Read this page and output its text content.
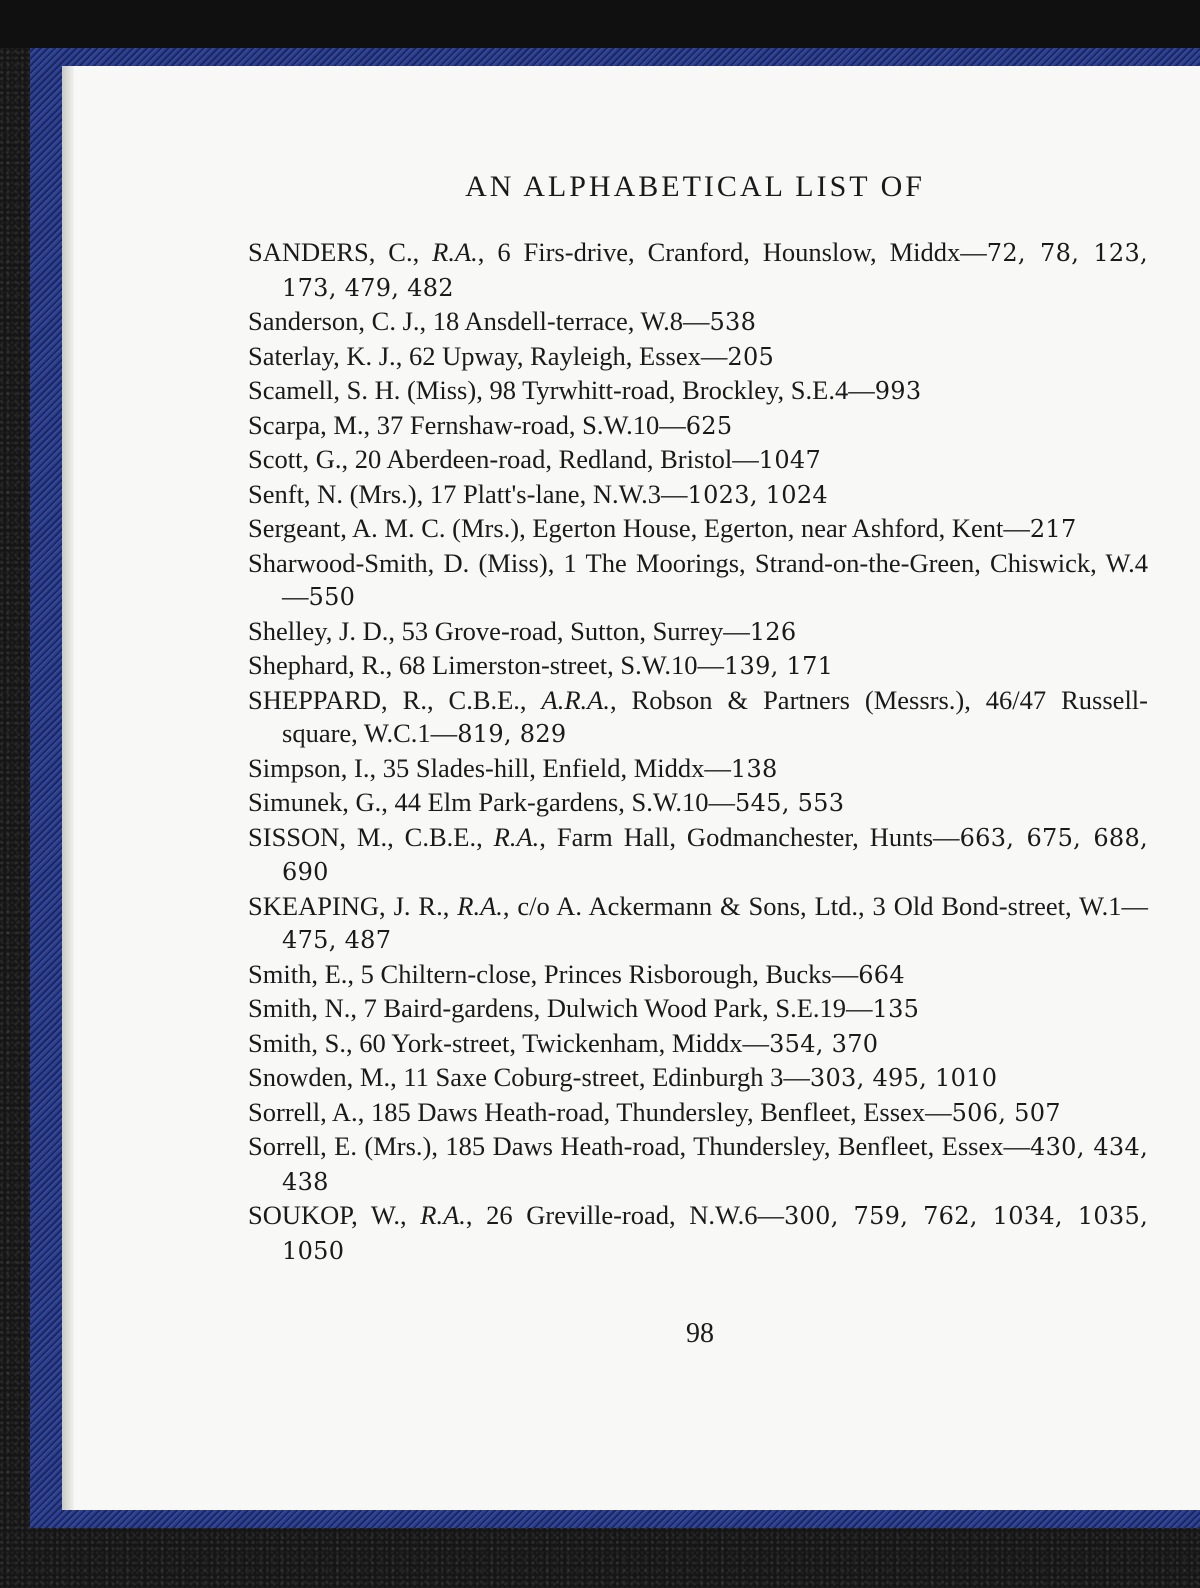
AN ALPHABETICAL LIST OF
SANDERS, C., R.A., 6 Firs-drive, Cranford, Hounslow, Middx—72, 78, 123, 173, 479, 482
Sanderson, C. J., 18 Ansdell-terrace, W.8—538
Saterlay, K. J., 62 Upway, Rayleigh, Essex—205
Scamell, S. H. (Miss), 98 Tyrwhitt-road, Brockley, S.E.4—993
Scarpa, M., 37 Fernshaw-road, S.W.10—625
Scott, G., 20 Aberdeen-road, Redland, Bristol—1047
Senft, N. (Mrs.), 17 Platt's-lane, N.W.3—1023, 1024
Sergeant, A. M. C. (Mrs.), Egerton House, Egerton, near Ashford, Kent—217
Sharwood-Smith, D. (Miss), 1 The Moorings, Strand-on-the-Green, Chiswick, W.4—550
Shelley, J. D., 53 Grove-road, Sutton, Surrey—126
Shephard, R., 68 Limerston-street, S.W.10—139, 171
SHEPPARD, R., C.B.E., A.R.A., Robson & Partners (Messrs.), 46/47 Russell-square, W.C.1—819, 829
Simpson, I., 35 Slades-hill, Enfield, Middx—138
Simunek, G., 44 Elm Park-gardens, S.W.10—545, 553
SISSON, M., C.B.E., R.A., Farm Hall, Godmanchester, Hunts—663, 675, 688, 690
SKEAPING, J. R., R.A., c/o A. Ackermann & Sons, Ltd., 3 Old Bond-street, W.1—475, 487
Smith, E., 5 Chiltern-close, Princes Risborough, Bucks—664
Smith, N., 7 Baird-gardens, Dulwich Wood Park, S.E.19—135
Smith, S., 60 York-street, Twickenham, Middx—354, 370
Snowden, M., 11 Saxe Coburg-street, Edinburgh 3—303, 495, 1010
Sorrell, A., 185 Daws Heath-road, Thundersley, Benfleet, Essex—506, 507
Sorrell, E. (Mrs.), 185 Daws Heath-road, Thundersley, Benfleet, Essex—430, 434, 438
SOUKOP, W., R.A., 26 Greville-road, N.W.6—300, 759, 762, 1034, 1035, 1050
98
